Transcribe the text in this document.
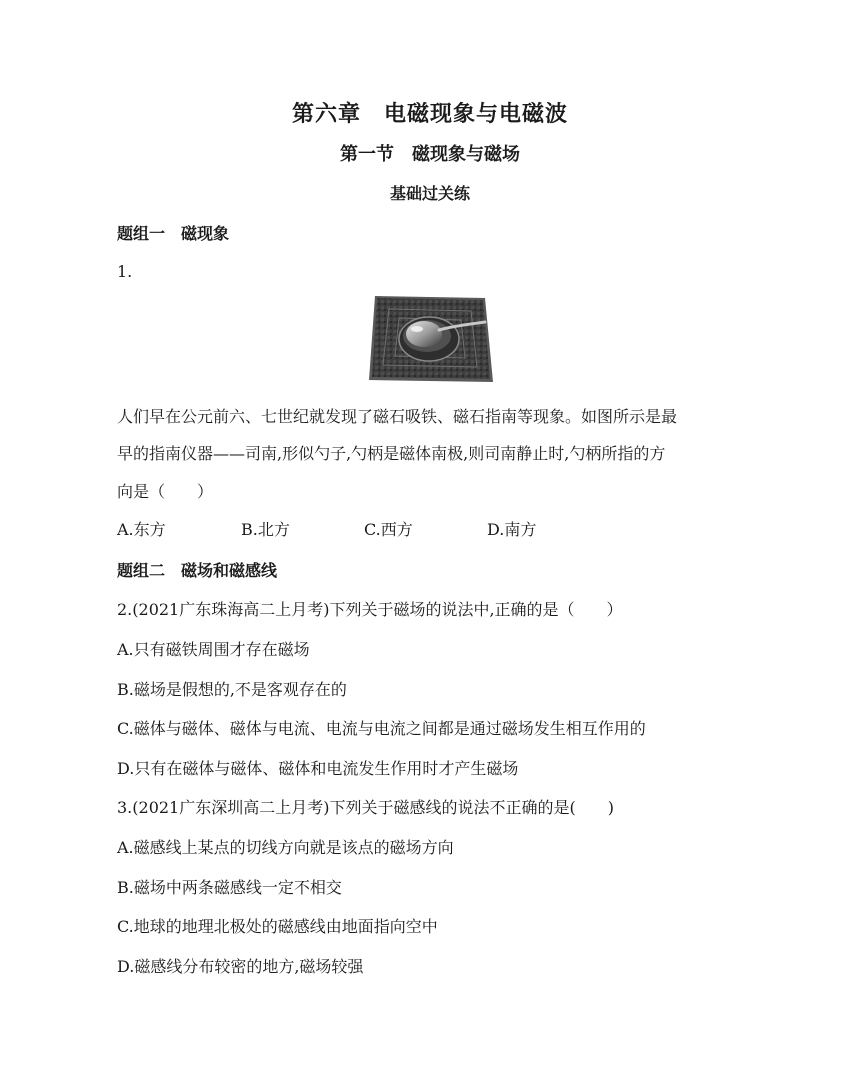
第六章　电磁现象与电磁波
第一节　磁现象与磁场
基础过关练
题组一　磁现象
1.
人们早在公元前六、七世纪就发现了磁石吸铁、磁石指南等现象。如图所示是最
早的指南仪器——司南,形似勺子,勺柄是磁体南极,则司南静止时,勺柄所指的方
向是（　　）
A.东方	B.北方	C.西方	D.南方
题组二　磁场和磁感线
2.(2021广东珠海高二上月考)下列关于磁场的说法中,正确的是（　　）
A.只有磁铁周围才存在磁场
B.磁场是假想的,不是客观存在的
C.磁体与磁体、磁体与电流、电流与电流之间都是通过磁场发生相互作用的
D.只有在磁体与磁体、磁体和电流发生作用时才产生磁场
3.(2021广东深圳高二上月考)下列关于磁感线的说法不正确的是(　　)
A.磁感线上某点的切线方向就是该点的磁场方向
B.磁场中两条磁感线一定不相交
C.地球的地理北极处的磁感线由地面指向空中
D.磁感线分布较密的地方,磁场较强
